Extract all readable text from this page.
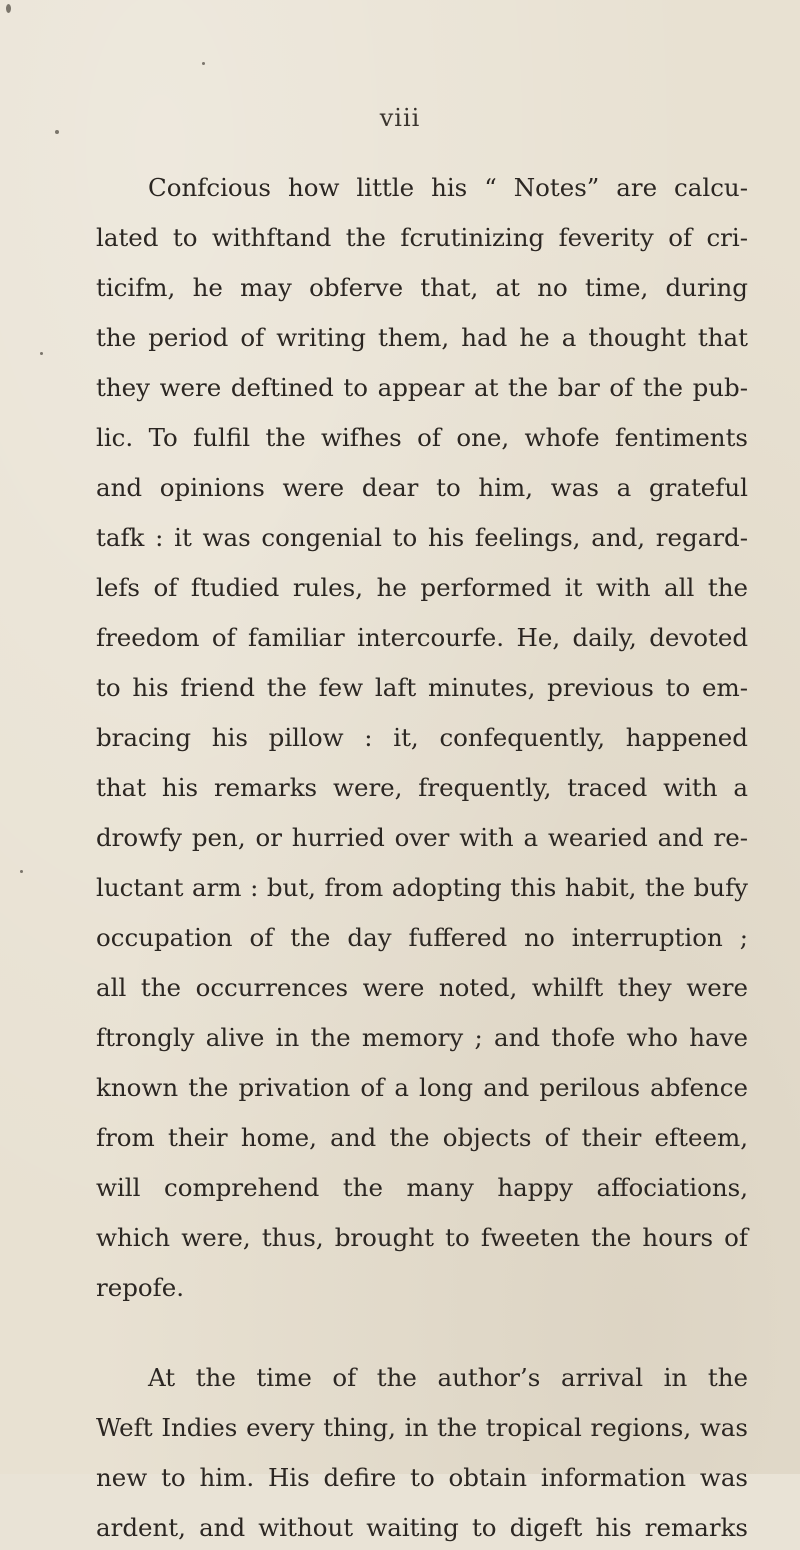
viii
Confcious how little his “ Notes” are calcu-
lated to withftand the fcrutinizing feverity of cri-
ticifm, he may obferve that, at no time, during
the period of writing them, had he a thought that
they were deftined to appear at the bar of the pub-
lic. To fulfil the wifhes of one, whofe fentiments
and opinions were dear to him, was a grateful
tafk : it was congenial to his feelings, and, regard-
lefs of ftudied rules, he performed it with all the
freedom of familiar intercourfe. He, daily, devoted
to his friend the few laft minutes, previous to em-
bracing his pillow : it, confequently, happened
that his remarks were, frequently, traced with a
drowfy pen, or hurried over with a wearied and re-
luctant arm : but, from adopting this habit, the bufy
occupation of the day fuffered no interruption ;
all the occurrences were noted, whilft they were
ftrongly alive in the memory ; and thofe who have
known the privation of a long and perilous abfence
from their home, and the objects of their efteem,
will comprehend the many happy affociations,
which were, thus, brought to fweeten the hours of
repofe.
At the time of the author’s arrival in the
Weft Indies every thing, in the tropical regions, was
new to him. His defire to obtain information was
ardent, and without waiting to digeft his remarks
